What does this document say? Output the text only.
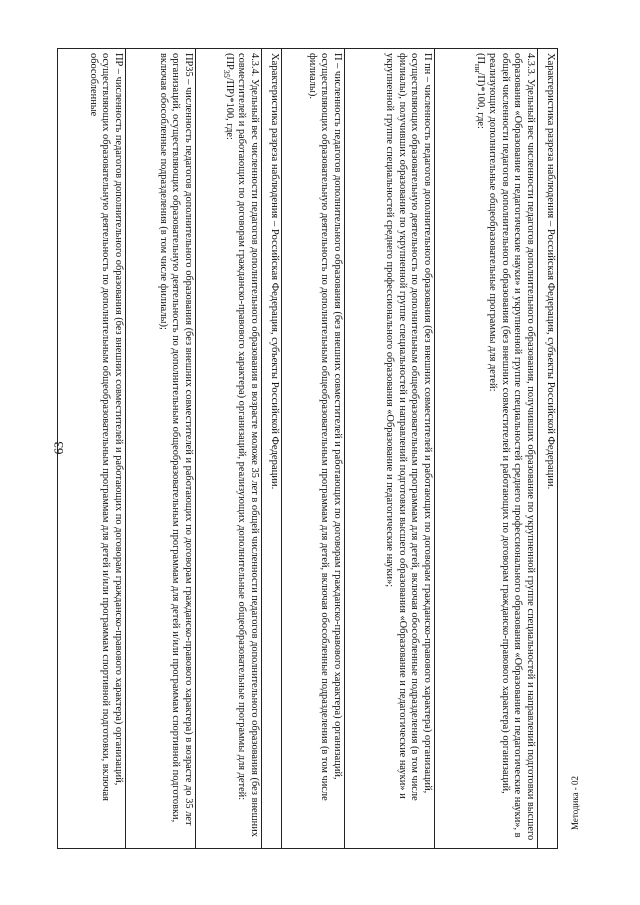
63	Характеристика разреза наблюдения – Российская Федерация, субъекты Российской Федерации.
4.3.3. Удельный вес численности педагогов дополнительного образования, получивших образование по укрупненной группе специальностей и направлений подготовки высшего образования «Образование и педагогические науки» и укрупненной группе специальностей среднего профессионального образования «Образование и педагогические науки», в общей численности педагогов дополнительного образования (без внешних совместителей и работающих по договорам гражданско-правового характера) организаций, реализующих дополнительные общеобразовательные программы для детей:
$(П_{пн}/П)*100$, где:

П пн – численность педагогов дополнительного образования (без внешних совместителей и работающих по договорам гражданско-правового характера) организаций, осуществляющих образовательную деятельность по дополнительным общеобразовательным программам для детей, включая обособленные подразделения (в том числе филиалы), получивших образование по укрупненной группе специальностей и направлений подготовки высшего образования «Образование и педагогические науки» и укрупненной группе специальностей среднего профессионального образования «Образование и педагогические науки»;
П – численность педагогов дополнительного образования (без внешних совместителей и работающих по договорам гражданско-правового характера) организаций, осуществляющих образовательную деятельность по дополнительным общеобразовательным программам для детей, включая обособленные подразделения (в том числе филиалы).
Характеристика разреза наблюдения – Российская Федерация, субъекты Российской Федерации.
4.3.4. Удельный вес численности педагогов дополнительного образования в возрасте моложе 35 лет в общей численности педагогов дополнительного образования (без внешних совместителей и работающих по договорам гражданско-правового характера) организаций, реализующих дополнительные общеобразовательные программы для детей:
$(ПР_{35}/ПР)*100$, где:

ПР35 – численность педагогов дополнительного образования (без внешних совместителей и работающих по договорам гражданско-правового характера) в возрасте до 35 лет организаций, осуществляющих образовательную деятельность по дополнительным общеобразовательным программам для детей и/или программам спортивной подготовки, включая обособленные подразделения (в том числе филиалы);
ПР – численность педагогов дополнительного образования (без внешних совместителей и работающих по договорам гражданско-правового характера) организаций, осуществляющих образовательную деятельность по дополнительным общеобразовательным программам для детей и/или программам спортивной подготовки, включая обособленные
Методика - 02
